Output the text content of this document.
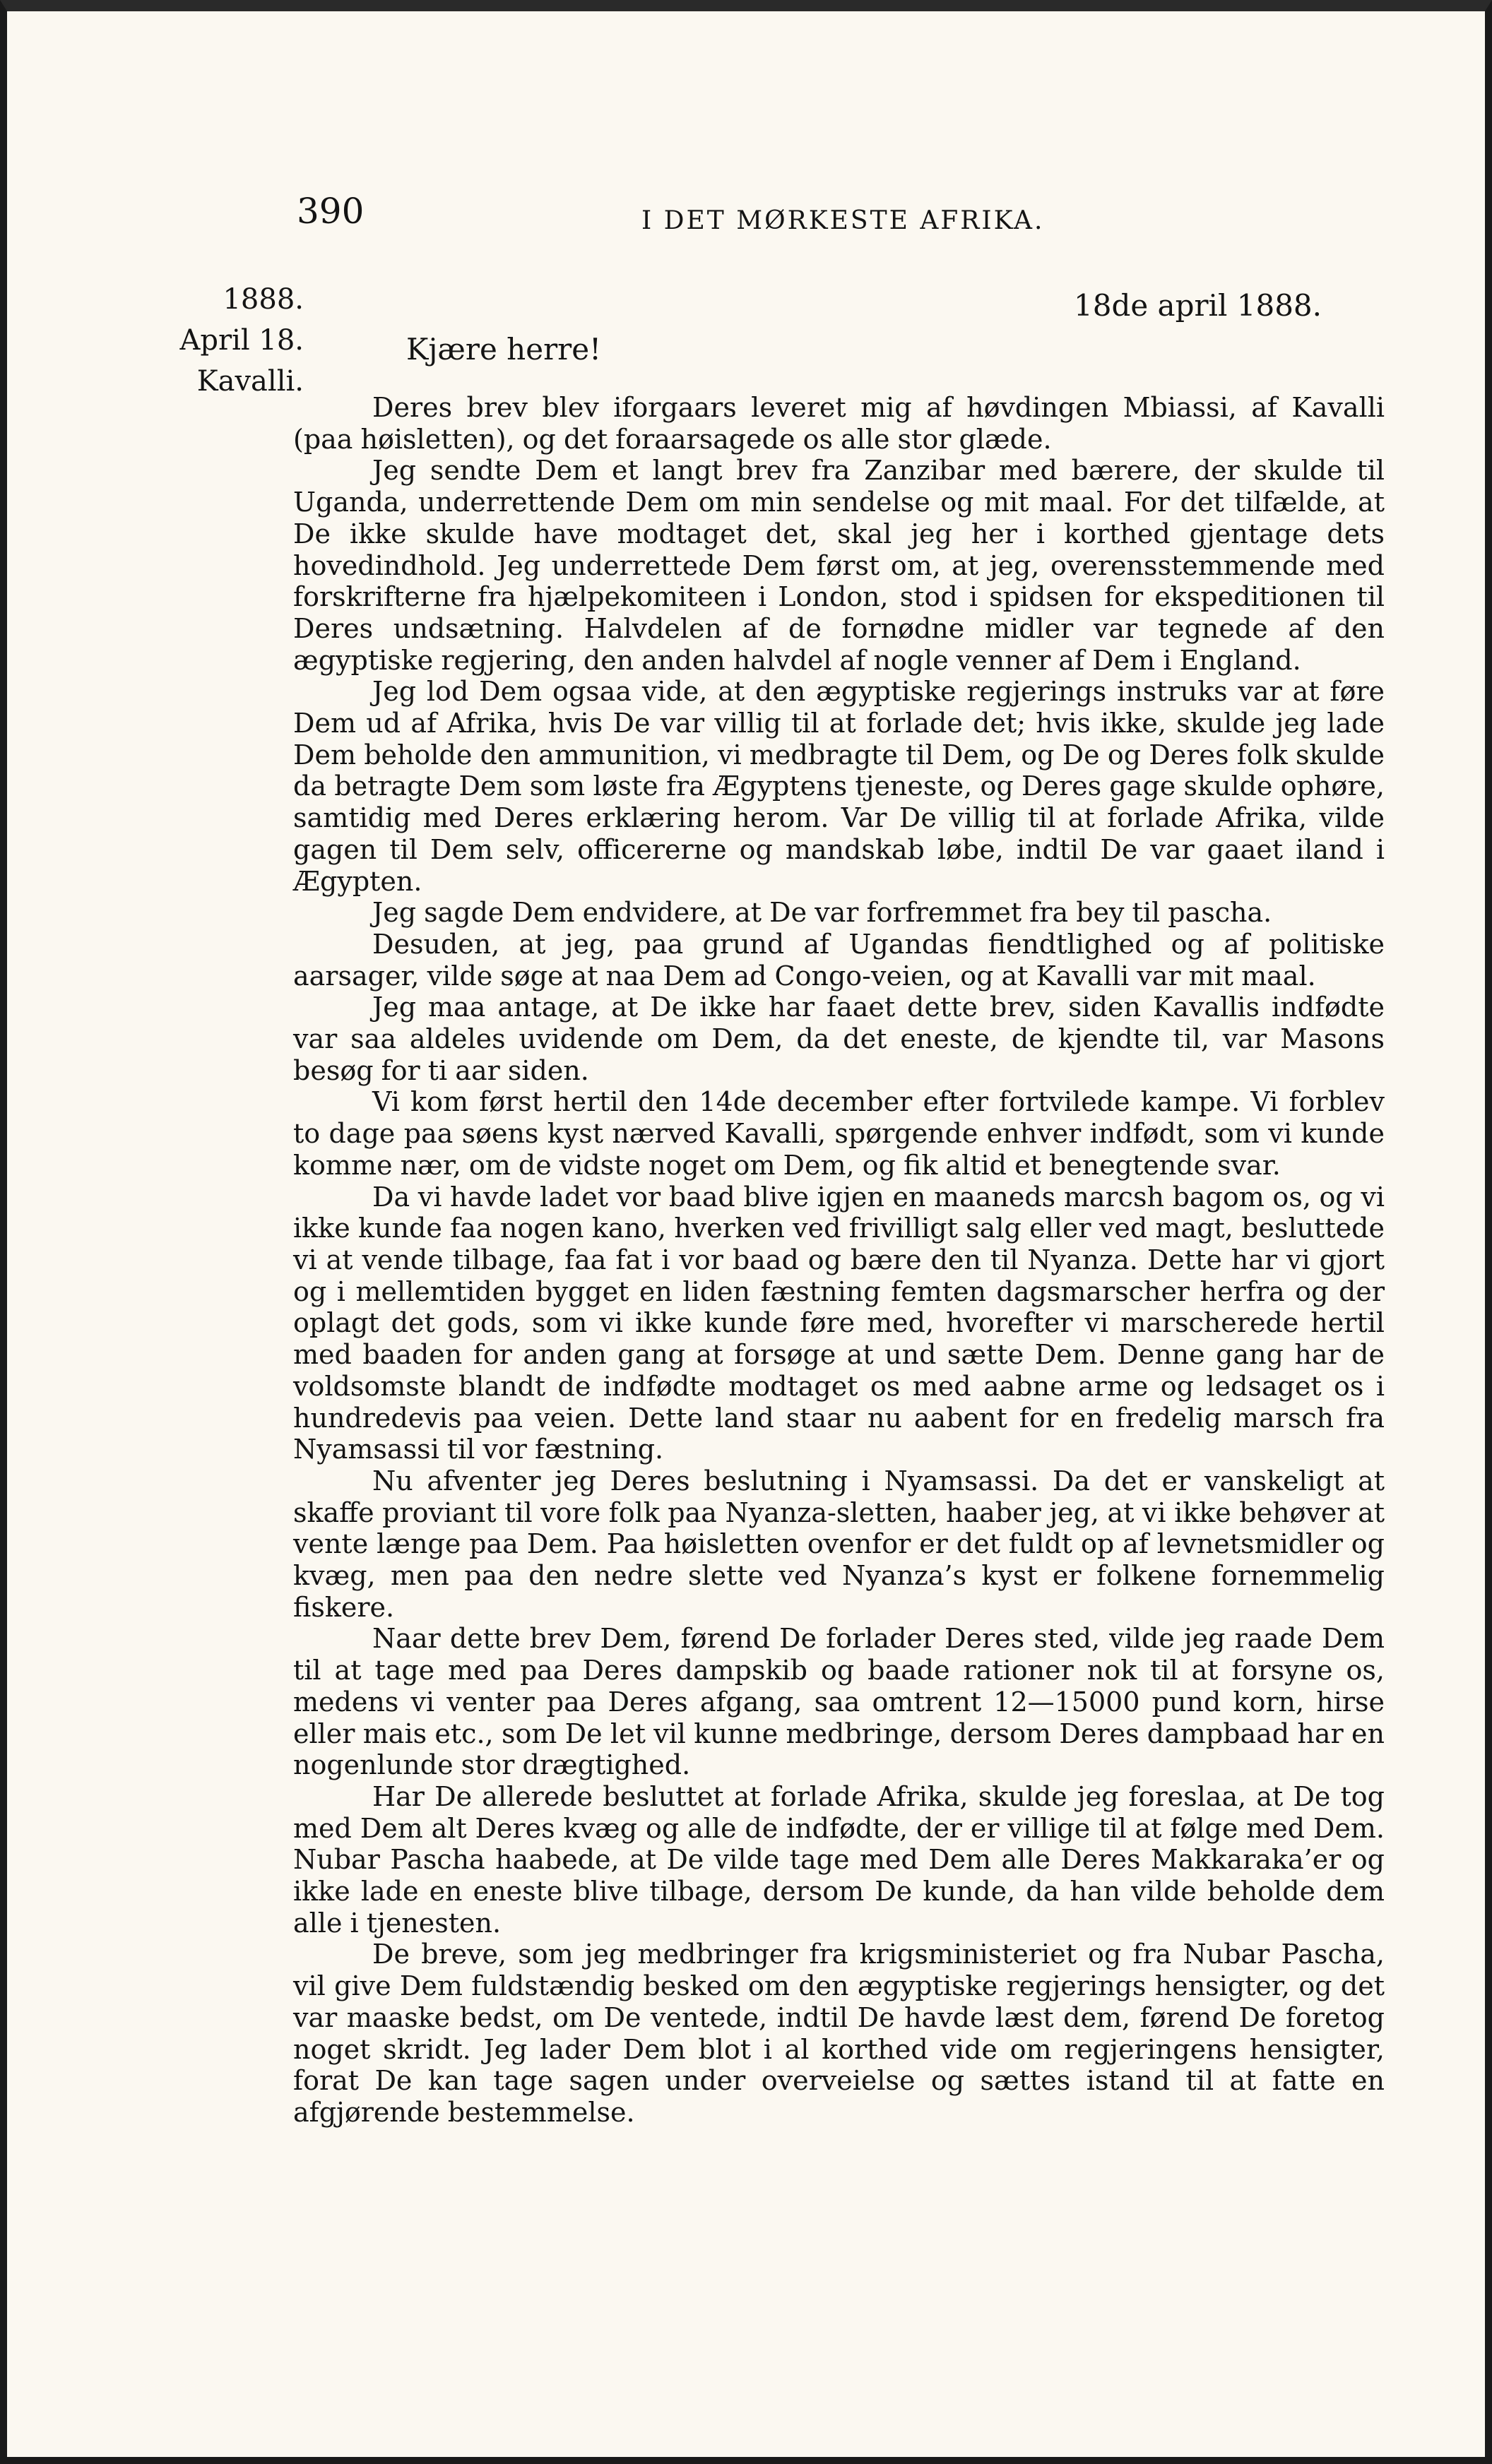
390	I DET MØRKESTE AFRIKA.
1888.
April 18.
Kavalli.
18de april 1888.
Kjære herre!

Deres brev blev iforgaars leveret mig af høvdingen Mbiassi, af Kavalli (paa høisletten), og det foraarsagede os alle stor glæde.

Jeg sendte Dem et langt brev fra Zanzibar med bærere, der skulde til Uganda, underrettende Dem om min sendelse og mit maal. For det tilfælde, at De ikke skulde have modtaget det, skal jeg her i korthed gjentage dets hovedindhold. Jeg underrettede Dem først om, at jeg, overensstemmende med forskrifterne fra hjælpekomiteen i London, stod i spidsen for ekspeditionen til Deres undsætning. Halvdelen af de fornødne midler var tegnede af den ægyptiske regjering, den anden halvdel af nogle venner af Dem i England.

Jeg lod Dem ogsaa vide, at den ægyptiske regjerings instruks var at føre Dem ud af Afrika, hvis De var villig til at forlade det; hvis ikke, skulde jeg lade Dem beholde den ammunition, vi medbragte til Dem, og De og Deres folk skulde da betragte Dem som løste fra Ægyptens tjeneste, og Deres gage skulde ophøre, samtidig med Deres erklæring herom. Var De villig til at forlade Afrika, vilde gagen til Dem selv, officererne og mandskab løbe, indtil De var gaaet iland i Ægypten.

Jeg sagde Dem endvidere, at De var forfremmet fra bey til pascha.

Desuden, at jeg, paa grund af Ugandas fiendtlighed og af politiske aarsager, vilde søge at naa Dem ad Congo-veien, og at Kavalli var mit maal.

Jeg maa antage, at De ikke har faaet dette brev, siden Kavallis indfødte var saa aldeles uvidende om Dem, da det eneste, de kjendte til, var Masons besøg for ti aar siden.

Vi kom først hertil den 14de december efter fortvilede kampe. Vi forblev to dage paa søens kyst nærved Kavalli, spørgende enhver indfødt, som vi kunde komme nær, om de vidste noget om Dem, og fik altid et benegtende svar.

Da vi havde ladet vor baad blive igjen en maaneds marcsh bagom os, og vi ikke kunde faa nogen kano, hverken ved frivilligt salg eller ved magt, besluttede vi at vende tilbage, faa fat i vor baad og bære den til Nyanza. Dette har vi gjort og i mellemtiden bygget en liden fæstning femten dagsmarscher herfra og der oplagt det gods, som vi ikke kunde føre med, hvorefter vi marscherede hertil med baaden for anden gang at forsøge at und sætte Dem. Denne gang har de voldsomste blandt de indfødte modtaget os med aabne arme og ledsaget os i hundredevis paa veien. Dette land staar nu aabent for en fredelig marsch fra Nyamsassi til vor fæstning.

Nu afventer jeg Deres beslutning i Nyamsassi. Da det er vanskeligt at skaffe proviant til vore folk paa Nyanza-sletten, haaber jeg, at vi ikke behøver at vente længe paa Dem. Paa høisletten ovenfor er det fuldt op af levnetsmidler og kvæg, men paa den nedre slette ved Nyanza’s kyst er folkene fornemmelig fiskere.

Naar dette brev Dem, førend De forlader Deres sted, vilde jeg raade Dem til at tage med paa Deres dampskib og baade rationer nok til at forsyne os, medens vi venter paa Deres afgang, saa omtrent 12—15000 pund korn, hirse eller mais etc., som De let vil kunne medbringe, dersom Deres dampbaad har en nogenlunde stor drægtighed.

Har De allerede besluttet at forlade Afrika, skulde jeg foreslaa, at De tog med Dem alt Deres kvæg og alle de indfødte, der er villige til at følge med Dem. Nubar Pascha haabede, at De vilde tage med Dem alle Deres Makkaraka’er og ikke lade en eneste blive tilbage, dersom De kunde, da han vilde beholde dem alle i tjenesten.

De breve, som jeg medbringer fra krigsministeriet og fra Nubar Pascha, vil give Dem fuldstændig besked om den ægyptiske regjerings hensigter, og det var maaske bedst, om De ventede, indtil De havde læst dem, førend De foretog noget skridt. Jeg lader Dem blot i al korthed vide om regjeringens hensigter, forat De kan tage sagen under overveielse og sættes istand til at fatte en afgjørende bestemmelse.
